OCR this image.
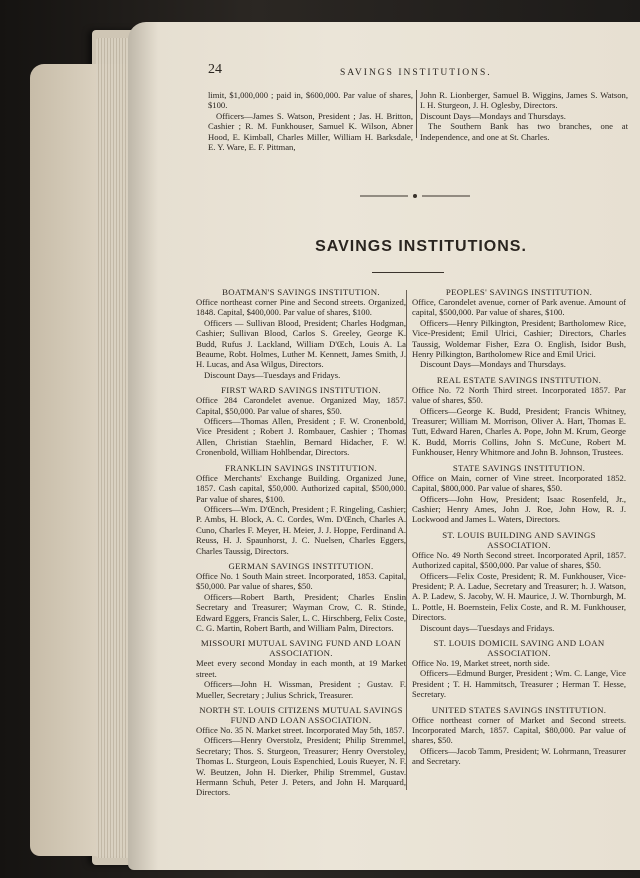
24	SAVINGS INSTITUTIONS.

limit, $1,000,000 ; paid in, $600,000. Par value of shares, $100.

Officers—James S. Watson, President ; Jas. H. Britton, Cashier ; R. M. Funkhouser, Samuel K. Wilson, Abner Hood, E. Kimball, Charles Miller, William H. Barksdale, E. Y. Ware, E. F. Pittman,

John R. Lionberger, Samuel B. Wiggins, James S. Watson, I. H. Sturgeon, J. H. Oglesby, Directors.

Discount Days—Mondays and Thursdays.

The Southern Bank has two branches, one at Independence, and one at St. Charles.

SAVINGS INSTITUTIONS.
BOATMAN'S SAVINGS INSTITUTION.

Office northeast corner Pine and Second streets. Organized, 1848. Capital, $400,000. Par value of shares, $100.

Officers — Sullivan Blood, President; Charles Hodgman, Cashier; Sullivan Blood, Carlos S. Greeley, George K. Budd, Rufus J. Lackland, William D'Œch, Louis A. La Beaume, Robt. Holmes, Luther M. Kennett, James Smith, J. H. Lucas, and Asa Wilgus, Directors.

Discount Days—Tuesdays and Fridays.

FIRST WARD SAVINGS INSTITUTION.

Office 284 Carondelet avenue. Organized May, 1857. Capital, $50,000. Par value of shares, $50.

Officers—Thomas Allen, President ; F. W. Cronenbold, Vice President ; Robert J. Rombauer, Cashier ; Thomas Allen, Christian Staehlin, Bernard Hidacher, F. W. Cronenbold, William Hohlbendar, Directors.

FRANKLIN SAVINGS INSTITUTION.

Office Merchants' Exchange Building. Organized June, 1857. Cash capital, $50,000. Authorized capital, $500,000. Par value of shares, $100.

Officers—Wm. D'Œnch, President ; F. Ringeling, Cashier; P. Ambs, H. Block, A. C. Cordes, Wm. D'Œnch, Charles A. Cuno, Charles F. Meyer, H. Meier, J. J. Hoppe, Ferdinand A. Reuss, H. J. Spaunhorst, J. C. Nuelsen, Charles Eggers, Charles Taussig, Directors.

GERMAN SAVINGS INSTITUTION.

Office No. 1 South Main street. Incorporated, 1853. Capital, $50,000. Par value of shares, $50.

Officers—Robert Barth, President; Charles Enslin Secretary and Treasurer; Wayman Crow, C. R. Stinde, Edward Eggers, Francis Saler, L. C. Hirschberg, Felix Coste, C. G. Martin, Robert Barth, and William Palm, Directors.

MISSOURI MUTUAL SAVING FUND AND LOAN ASSOCIATION.

Meet every second Monday in each month, at 19 Market street.

Officers—John H. Wissman, President ; Gustav. F. Mueller, Secretary ; Julius Schrick, Treasurer.

NORTH ST. LOUIS CITIZENS MUTUAL SAVINGS FUND AND LOAN ASSOCIATION.

Office No. 35 N. Market street. Incorporated May 5th, 1857.

Officers—Henry Overstolz, President; Philip Stremmel, Secretary; Thos. S. Sturgeon, Treasurer; Henry Overstoley, Thomas L. Sturgeon, Louis Espenchied, Louis Rueyer, N. F. W. Beutzen, John H. Dierker, Philip Stremmel, Gustav. Hermann Schuh, Peter J. Peters, and John H. Marquard, Directors.

PEOPLES' SAVINGS INSTITUTION.

Office, Carondelet avenue, corner of Park avenue. Amount of capital, $500,000. Par value of shares, $100.

Officers—Henry Pilkington, President; Bartholomew Rice, Vice-President; Emil Ulrici, Cashier; Directors, Charles Taussig, Woldemar Fisher, Ezra O. English, Isidor Bush, Henry Pilkington, Bartholomew Rice and Emil Urici.

Discount Days—Mondays and Thursdays.

REAL ESTATE SAVINGS INSTITUTION.

Office No. 72 North Third street. Incorporated 1857. Par value of shares, $50.

Officers—George K. Budd, President; Francis Whitney, Treasurer; William M. Morrison, Oliver A. Hart, Thomas E. Tutt, Edward Haren, Charles A. Pope, John M. Krum, George K. Budd, Morris Collins, John S. McCune, Robert M. Funkhouser, Henry Whitmore and John B. Johnson, Trustees.

STATE SAVINGS INSTITUTION.

Office on Main, corner of Vine street. Incorporated 1852. Capital, $800,000. Par value of shares, $50.

Officers—John How, President; Isaac Rosenfeld, Jr., Cashier; Henry Ames, John J. Roe, John How, R. J. Lockwood and James L. Waters, Directors.

ST. LOUIS BUILDING AND SAVINGS ASSOCIATION.

Office No. 49 North Second street. Incorporated April, 1857. Authorized capital, $500,000. Par value of shares, $50.

Officers—Felix Coste, President; R. M. Funkhouser, Vice-President; P. A. Ladue, Secretary and Treasurer; h. J. Watson, A. P. Ladew, S. Jacoby, W. H. Maurice, J. W. Thornburgh, M. L. Pottle, H. Boernstein, Felix Coste, and R. M. Funkhouser, Directors.

Discount days—Tuesdays and Fridays.

ST. LOUIS DOMICIL SAVING AND LOAN ASSOCIATION.

Office No. 19, Market street, north side.

Officers—Edmund Burger, President ; Wm. C. Lange, Vice President ; T. H. Hammitsch, Treasurer ; Herman T. Hesse, Secretary.

UNITED STATES SAVINGS INSTITUTION.

Office northeast corner of Market and Second streets. Incorporated March, 1857. Capital, $80,000. Par value of shares, $50.

Officers—Jacob Tamm, President; W. Lohrmann, Treasurer and Secretary.
